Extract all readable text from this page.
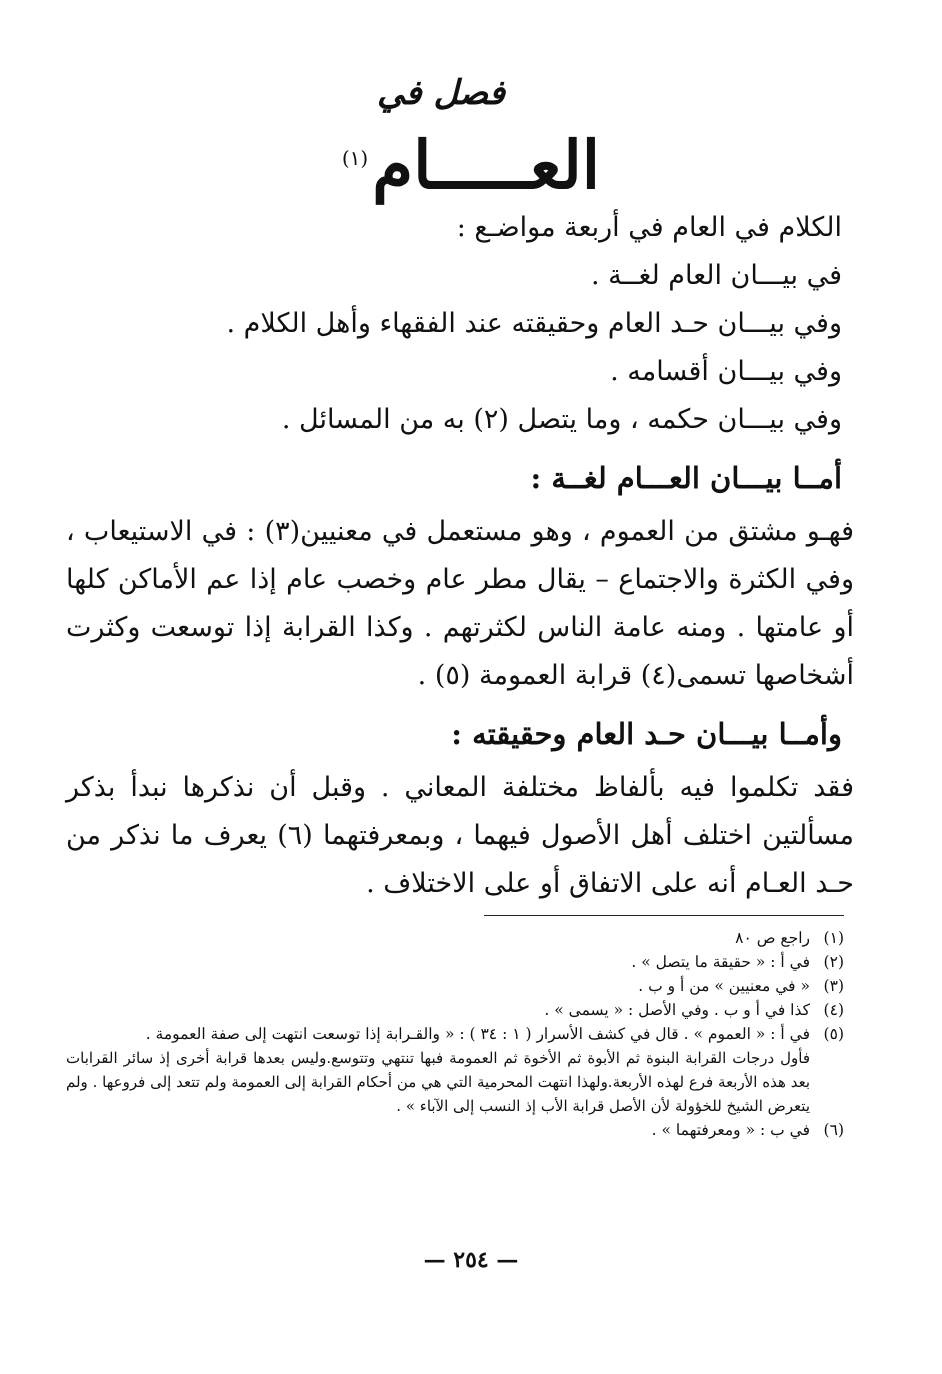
فصل في
العـــــام$^{(١)}$

الكلام في العام في أربعة مواضـع :

في بيـــان العام لغــة .

وفي بيـــان حـد العام وحقيقته عند الفقهاء وأهل الكلام .

وفي بيـــان أقسامه .

وفي بيـــان حكمه ، وما يتصل (٢) به من المسائل .

أمــا بيـــان العـــام لغــة :

فهـو مشتق من العموم ، وهو مستعمل في معنيين(٣) : في الاستيعاب ، وفي الكثرة والاجتماع – يقال مطر عام وخصب عام إذا عم الأماكن كلها أو عامتها . ومنه عامة الناس لكثرتهم . وكذا القرابة إذا توسعت وكثرت أشخاصها تسمى(٤) قرابة العمومة (٥) .

وأمــا بيـــان حـد العام وحقيقته :

فقد تكلموا فيه بألفاظ مختلفة المعاني . وقبل أن نذكرها نبدأ بذكر مسألتين اختلف أهل الأصول فيهما ، وبمعرفتهما (٦) يعرف ما نذكر من حـد العـام أنه على الاتفاق أو على الاختلاف .

(١)راجع ص ٨٠

(٢)في أ : « حقيقة ما يتصل » .

(٣)« في معنيين » من أ و ب .

(٤)كذا في أ و ب . وفي الأصل : « يسمى » .

(٥)في أ : « العموم » . قال في كشف الأسرار ( ١ : ٣٤ ) : « والقـرابة إذا توسعت انتهت إلى صفة العمومة .

فأول درجات القرابة البنوة ثم الأبوة ثم الأخوة ثم العمومة فبها تنتهي وتتوسع.وليس بعدها قرابة أخرى إذ سائر القرابات بعد هذه الأربعة فرع لهذه الأربعة.ولهذا انتهت المحرمية التي هي من أحكام القرابة إلى العمومة ولم تتعد إلى فروعها . ولم يتعرض الشيخ للخؤولة لأن الأصل قرابة الأب إذ النسب إلى الآباء » .

(٦)في ب : « ومعرفتهما » .

— ٢٥٤ —
